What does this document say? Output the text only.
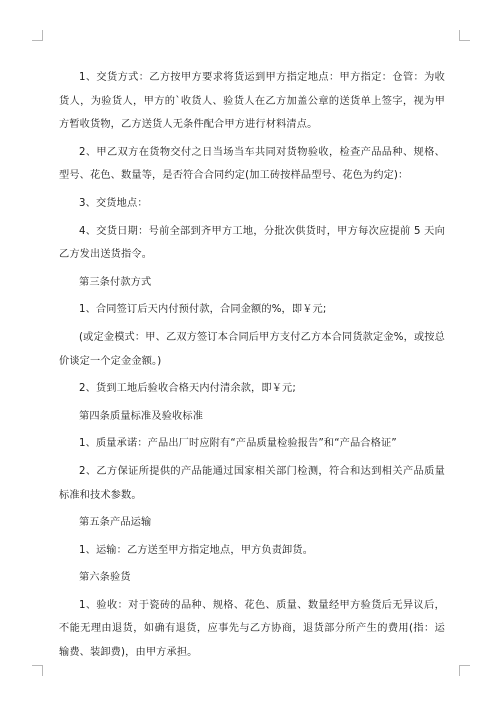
1、交货方式：乙方按甲方要求将货运到甲方指定地点：甲方指定：仓管：为收货人，为验货人，甲方的`收货人、验货人在乙方加盖公章的送货单上签字，视为甲方暂收货物，乙方送货人无条件配合甲方进行材料清点。

2、甲乙双方在货物交付之日当场当车共同对货物验收，检查产品品种、规格、型号、花色、数量等，是否符合合同约定(加工砖按样品型号、花色为约定)：

3、交货地点：

4、交货日期：号前全部到齐甲方工地，分批次供货时，甲方每次应提前 5 天向乙方发出送货指令。

第三条付款方式

1、合同签订后天内付预付款，合同金额的%，即￥元;

(或定金模式：甲、乙双方签订本合同后甲方支付乙方本合同货款定金%，或按总价谈定一个定金金额。)

2、货到工地后验收合格天内付清余款，即￥元;

第四条质量标准及验收标准

1、质量承诺：产品出厂时应附有“产品质量检验报告”和“产品合格证”

2、乙方保证所提供的产品能通过国家相关部门检测，符合和达到相关产品质量标准和技术参数。

第五条产品运输

1、运输：乙方送至甲方指定地点，甲方负责卸货。

第六条验货

1、验收：对于瓷砖的品种、规格、花色、质量、数量经甲方验货后无异议后，不能无理由退货，如确有退货，应事先与乙方协商，退货部分所产生的费用(指：运输费、装卸费)，由甲方承担。
